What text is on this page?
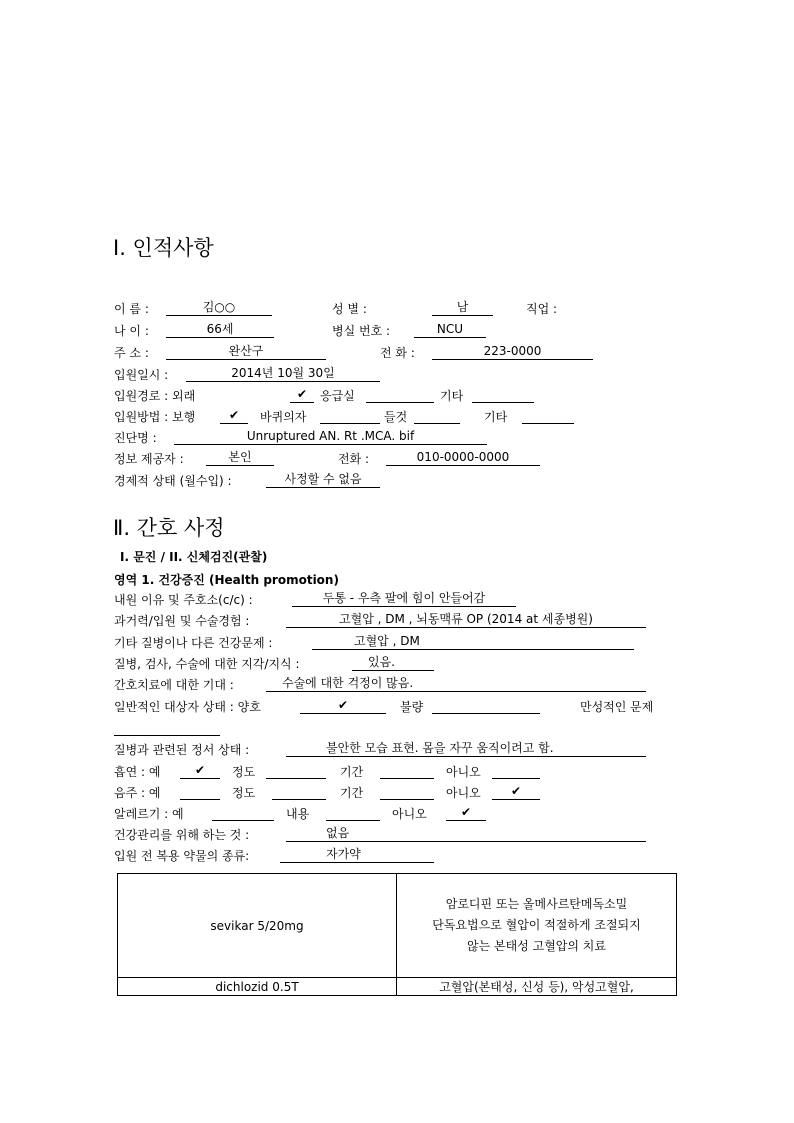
Ⅰ. 인적사항
이 름 :	김○○	성 별 :	남	직업 :
나 이 :	66세	병실 번호 :	NCU
주 소 :	완산구	전 화 :	223-0000
입원일시 :	2014년 10월 30일
입원경로 : 외래	✔	응급실	기타
입원방법 : 보행	✔	바퀴의자	들것	기타
진단명 :	Unruptured AN. Rt .MCA. bif
정보 제공자 :	본인	전화 :	010-0000-0000
경제적 상태 (월수입) :	사정할 수 없음
Ⅱ. 간호 사정
I. 문진 / II. 신체검진(관찰)
영역 1. 건강증진 (Health promotion)
내원 이유 및 주호소(c/c) :	두통 - 우측 팔에 힘이 안들어감
과거력/입원 및 수술경험 :	고혈압 , DM , 뇌동맥류 OP (2014 at 세종병원)
기타 질병이나 다른 건강문제 :	고혈압 , DM
질병, 검사, 수술에 대한 지각/지식 :	있음.
간호치료에 대한 기대 :	수술에 대한 걱정이 많음.
일반적인 대상자 상태 : 양호	✔	불량	만성적인 문제
질병과 관련된 정서 상태 :	불안한 모습 표현. 몸을 자꾸 움직이려고 함.
흡연 : 예	✔	정도	기간	아니오
음주 : 예	정도	기간	아니오	✔
알레르기 : 예	내용	아니오	✔
건강관리를 위해 하는 것 :	없음
입원 전 복용 약물의 종류:	자가약
sevikar 5/20mg	암로디핀 또는 올메사르탄메독소밀
단독요법으로 혈압이 적절하게 조절되지
않는 본태성 고혈압의 치료

dichlozid 0.5T	고혈압(본태성, 신성 등), 악성고혈압,
